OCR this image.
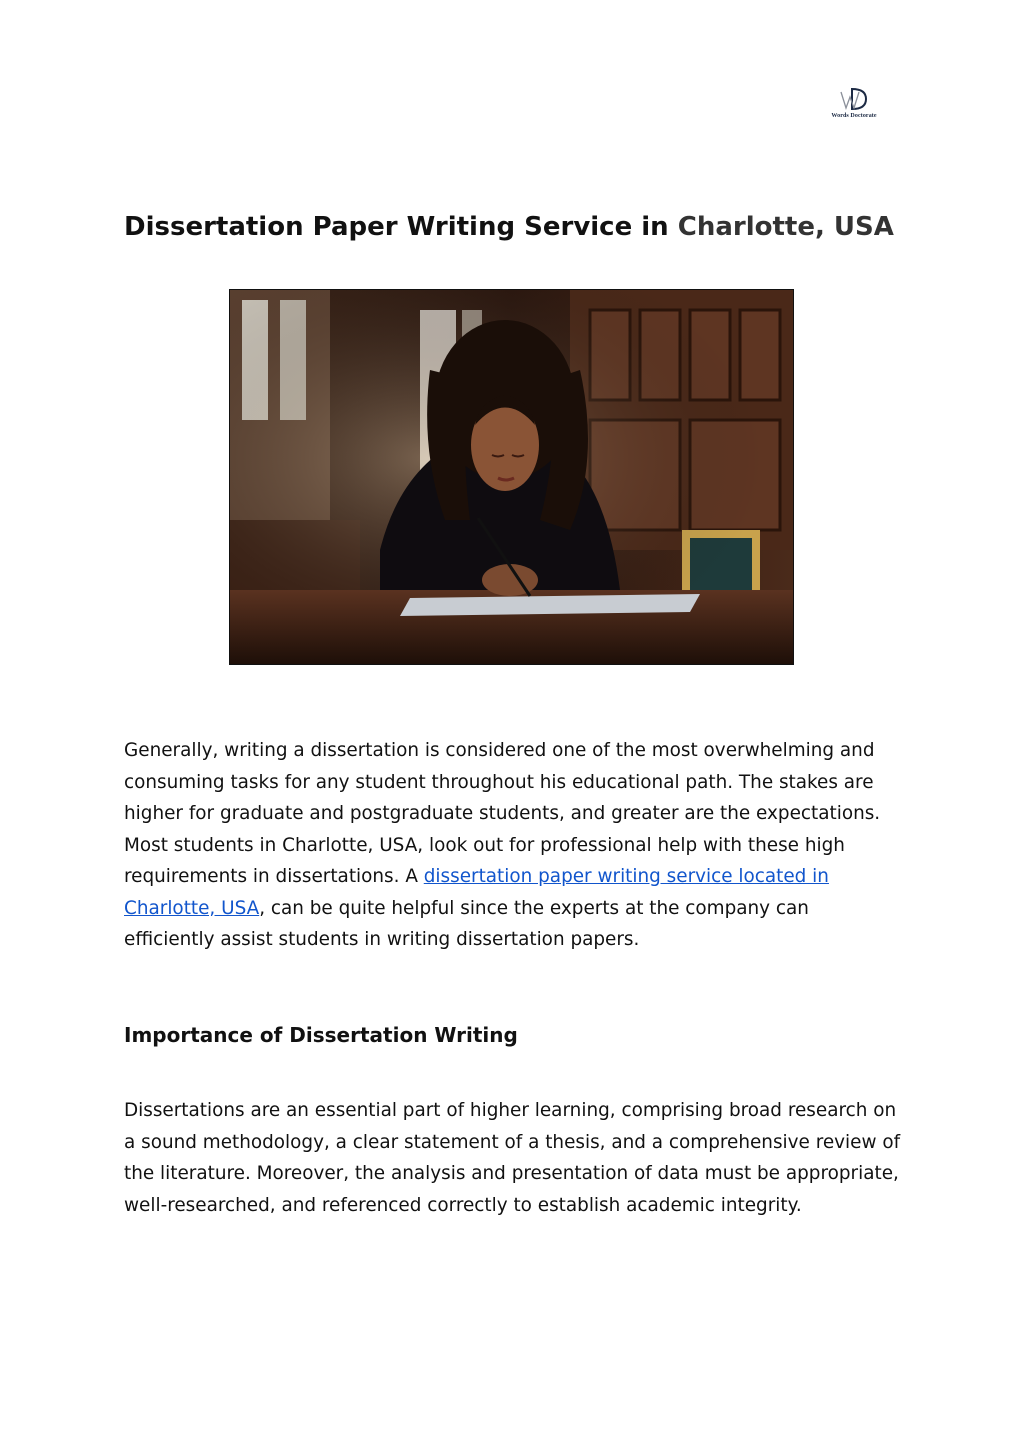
Words Doctorate
Dissertation Paper Writing Service in Charlotte, USA

Generally, writing a dissertation is considered one of the most overwhelming and consuming tasks for any student throughout his educational path. The stakes are higher for graduate and postgraduate students, and greater are the expectations. Most students in Charlotte, USA, look out for professional help with these high requirements in dissertations. A dissertation paper writing service located in Charlotte, USA, can be quite helpful since the experts at the company can efficiently assist students in writing dissertation papers.

Importance of Dissertation Writing

Dissertations are an essential part of higher learning, comprising broad research on a sound methodology, a clear statement of a thesis, and a comprehensive review of the literature. Moreover, the analysis and presentation of data must be appropriate, well-researched, and referenced correctly to establish academic integrity.
